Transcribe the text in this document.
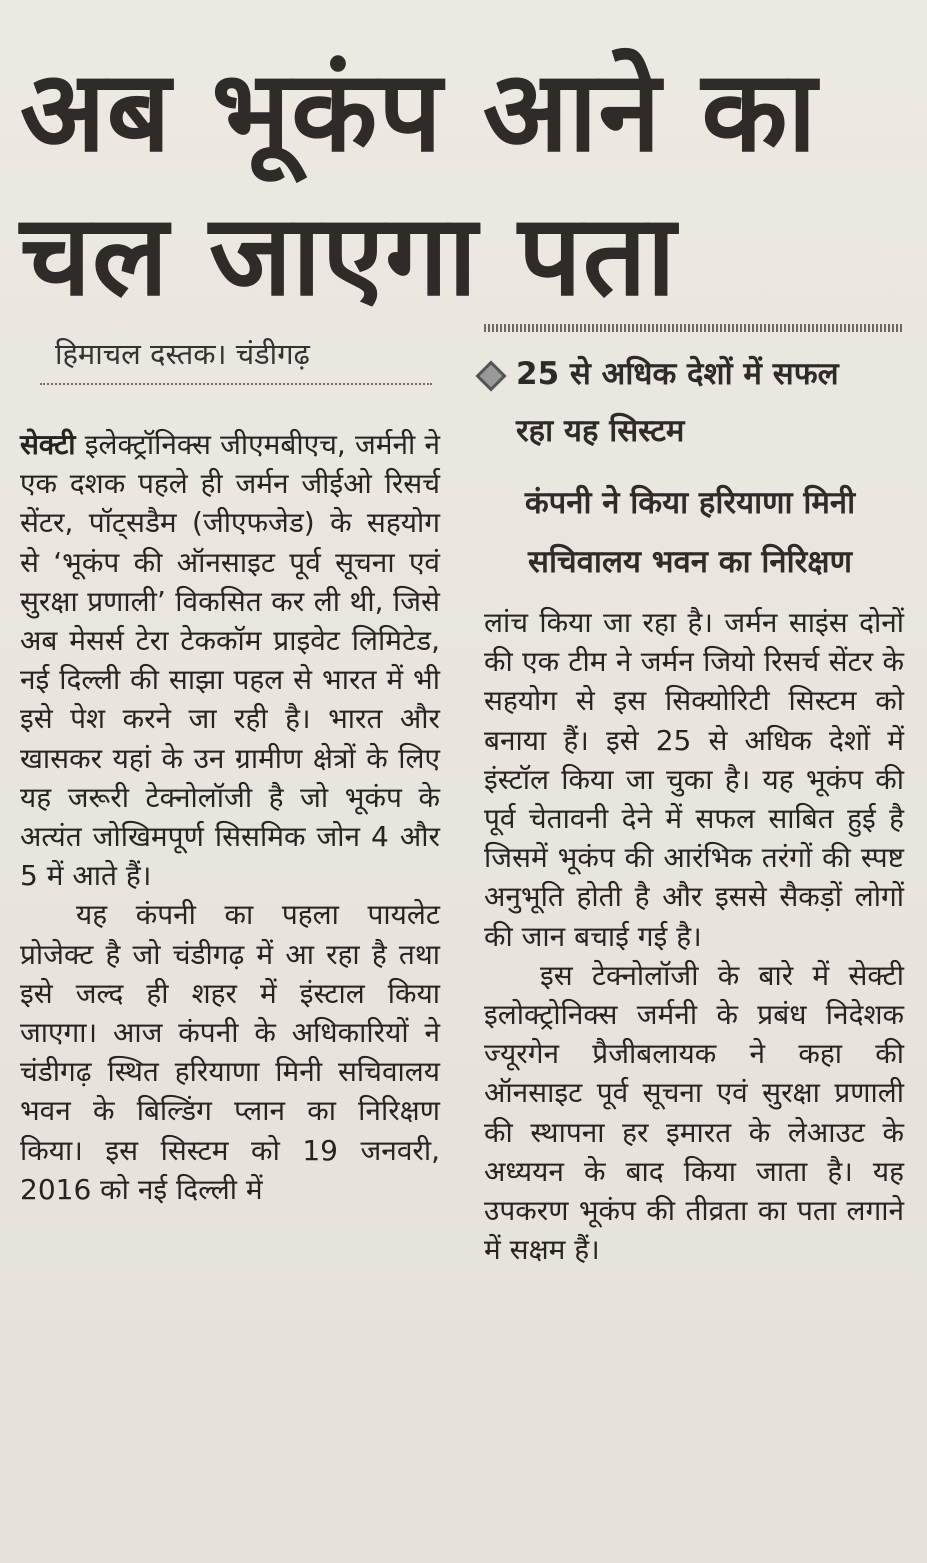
अब भूकंप आने का
चल जाएगा पता
हिमाचल दस्तक। चंडीगढ़
25 से अधिक देशों में सफल रहा यह सिस्टम
कंपनी ने किया हरियाणा मिनी सचिवालय भवन का निरिक्षण

सेक्टी इलेक्ट्रॉनिक्स जीएमबीएच, जर्मनी ने एक दशक पहले ही जर्मन जीईओ रिसर्च सेंटर, पॉट्सडैम (जीएफजेड) के सहयोग से ‘भूकंप की ऑनसाइट पूर्व सूचना एवं सुरक्षा प्रणाली’ विकसित कर ली थी, जिसे अब मेसर्स टेरा टेककॉम प्राइवेट लिमिटेड, नई दिल्ली की साझा पहल से भारत में भी इसे पेश करने जा रही है। भारत और खासकर यहां के उन ग्रामीण क्षेत्रों के लिए यह जरूरी टेक्नोलॉजी है जो भूकंप के अत्यंत जोखिमपूर्ण सिसमिक जोन 4 और 5 में आते हैं।

यह कंपनी का पहला पायलेट प्रोजेक्ट है जो चंडीगढ़ में आ रहा है तथा इसे जल्द ही शहर में इंस्टाल किया जाएगा। आज कंपनी के अधिकारियों ने चंडीगढ़ स्थित हरियाणा मिनी सचिवालय भवन के बिल्डिंग प्लान का निरिक्षण किया। इस सिस्टम को 19 जनवरी, 2016 को नई दिल्ली में

लांच किया जा रहा है। जर्मन साइंस दोनों की एक टीम ने जर्मन जियो रिसर्च सेंटर के सहयोग से इस सिक्योरिटी सिस्टम को बनाया हैं। इसे 25 से अधिक देशों में इंस्टॉल किया जा चुका है। यह भूकंप की पूर्व चेतावनी देने में सफल साबित हुई है जिसमें भूकंप की आरंभिक तरंगों की स्पष्ट अनुभूति होती है और इससे सैकड़ों लोगों की जान बचाई गई है।

इस टेक्नोलॉजी के बारे में सेक्टी इलोक्ट्रोनिक्स जर्मनी के प्रबंध निदेशक ज्यूरगेन प्रैजीबलायक ने कहा की ऑनसाइट पूर्व सूचना एवं सुरक्षा प्रणाली की स्थापना हर इमारत के लेआउट के अध्ययन के बाद किया जाता है। यह उपकरण भूकंप की तीव्रता का पता लगाने में सक्षम हैं।
